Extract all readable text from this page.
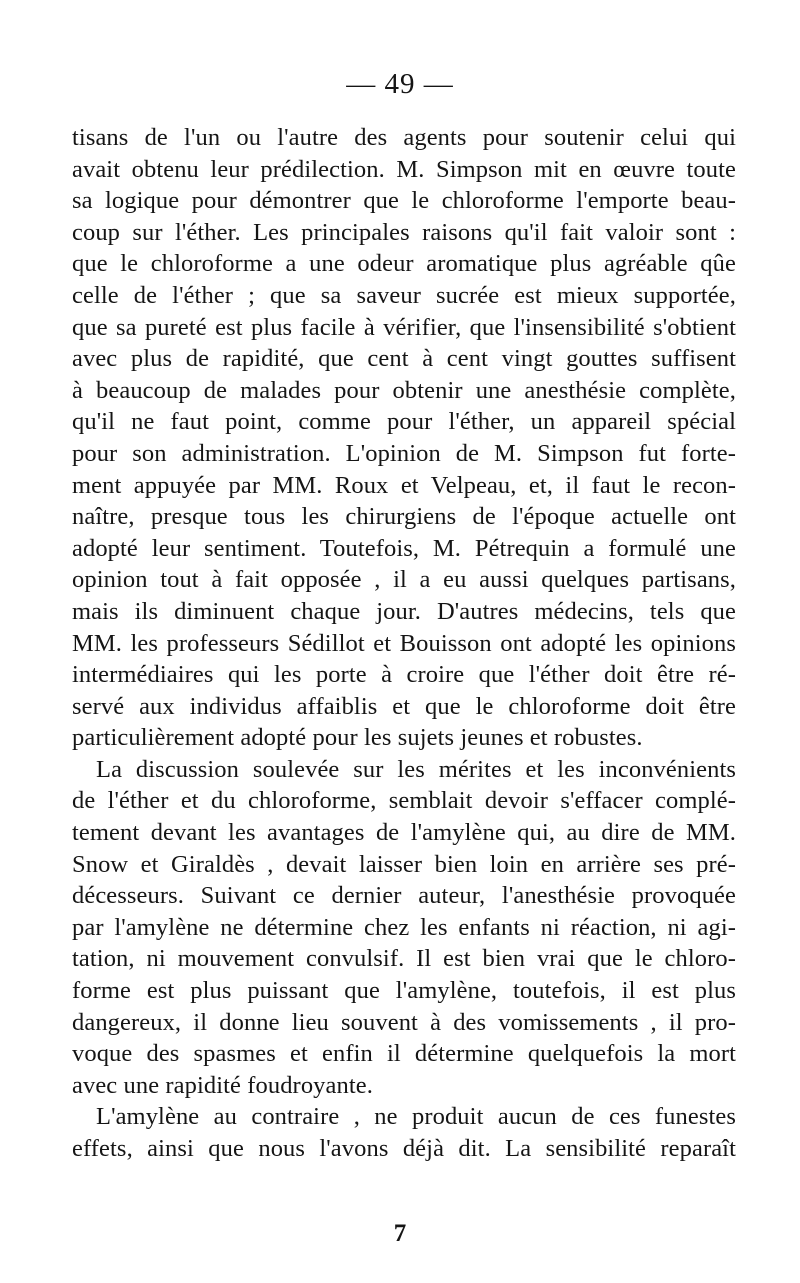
— 49 —
tisans de l'un ou l'autre des agents pour soutenir celui qui
avait obtenu leur prédilection. M. Simpson mit en œuvre toute
sa logique pour démontrer que le chloroforme l'emporte beau-
coup sur l'éther. Les principales raisons qu'il fait valoir sont :
que le chloroforme a une odeur aromatique plus agréable qûe
celle de l'éther ; que sa saveur sucrée est mieux supportée,
que sa pureté est plus facile à vérifier, que l'insensibilité s'obtient
avec plus de rapidité, que cent à cent vingt gouttes suffisent
à beaucoup de malades pour obtenir une anesthésie complète,
qu'il ne faut point, comme pour l'éther, un appareil spécial
pour son administration. L'opinion de M. Simpson fut forte-
ment appuyée par MM. Roux et Velpeau, et, il faut le recon-
naître, presque tous les chirurgiens de l'époque actuelle ont
adopté leur sentiment. Toutefois, M. Pétrequin a formulé une
opinion tout à fait opposée , il a eu aussi quelques partisans,
mais ils diminuent chaque jour. D'autres médecins, tels que
MM. les professeurs Sédillot et Bouisson ont adopté les opinions
intermédiaires qui les porte à croire que l'éther doit être ré-
servé aux individus affaiblis et que le chloroforme doit être
particulièrement adopté pour les sujets jeunes et robustes.
La discussion soulevée sur les mérites et les inconvénients
de l'éther et du chloroforme, semblait devoir s'effacer complé-
tement devant les avantages de l'amylène qui, au dire de MM.
Snow et Giraldès , devait laisser bien loin en arrière ses pré-
décesseurs. Suivant ce dernier auteur, l'anesthésie provoquée
par l'amylène ne détermine chez les enfants ni réaction, ni agi-
tation, ni mouvement convulsif. Il est bien vrai que le chloro-
forme est plus puissant que l'amylène, toutefois, il est plus
dangereux, il donne lieu souvent à des vomissements , il pro-
voque des spasmes et enfin il détermine quelquefois la mort
avec une rapidité foudroyante.
L'amylène au contraire , ne produit aucun de ces funestes
effets, ainsi que nous l'avons déjà dit. La sensibilité reparaît
7
